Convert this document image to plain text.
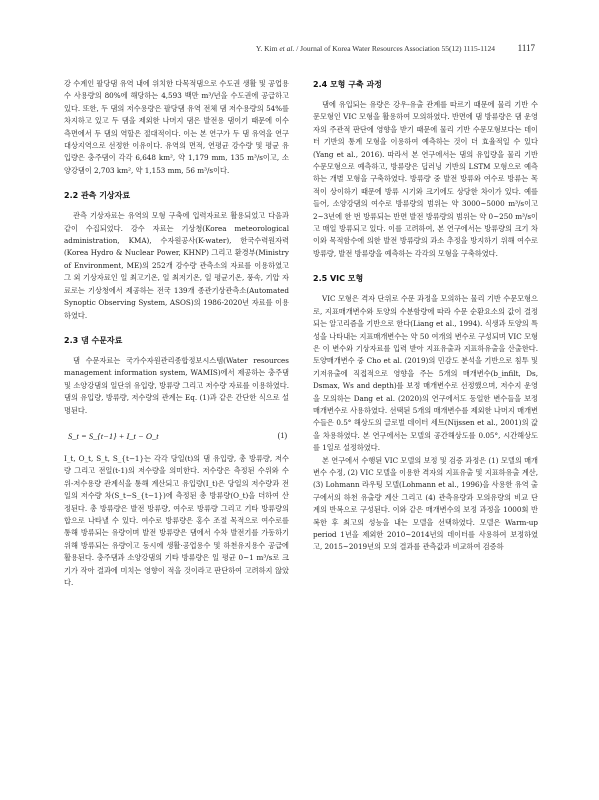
Y. Kim et al. / Journal of Korea Water Resources Association 55(12) 1115-1124	1117

강 수계인 팔당댐 유역 내에 위치한 다목적댐으로 수도권 생활 및 공업용수 사용량의 80%에 해당하는 4,593 백만 m³/년을 수도권에 공급하고 있다. 또한, 두 댐의 저수용량은 팔당댐 유역 전체 댐 저수용량의 54%를 차지하고 있고 두 댐을 제외한 나머지 댐은 발전용 댐이기 때문에 이수 측면에서 두 댐의 역할은 절대적이다. 이는 본 연구가 두 댐 유역을 연구대상지역으로 선정한 이유이다. 유역의 면적, 연평균 강수량 및 평균 유입량은 충주댐이 각각 6,648 km², 약 1,179 mm, 135 m³/s이고, 소양강댐이 2,703 km², 약 1,153 mm, 56 m³/s이다.

2.2 관측 기상자료

관측 기상자료는 유역의 모형 구축에 입력자료로 활용되었고 다음과 같이 수집되었다. 강수 자료는 기상청(Korea meteorological administration, KMA), 수자원공사(K-water), 한국수력원자력(Korea Hydro & Nuclear Power, KHNP) 그리고 환경부(Ministry of Environment, ME)의 252개 강수량 관측소의 자료를 이용하였고 그 외 기상자료인 일 최고기온, 일 최저기온, 일 평균기온, 풍속, 기압 자료로는 기상청에서 제공하는 전국 139개 종관기상관측소(Automated Synoptic Observing System, ASOS)의 1986-2020년 자료를 이용하였다.

2.3 댐 수문자료

댐 수문자료는 국가수자원관리종합정보시스템(Water resources management information system, WAMIS)에서 제공하는 충주댐 및 소양강댐의 일단위 유입량, 방류량 그리고 저수량 자료를 이용하였다. 댐의 유입량, 방류량, 저수량의 관계는 Eq. (1)과 같은 간단한 식으로 설명된다.

S_t = S_{t−1} + I_t − O_t	(1)

I_t, O_t, S_t, S_{t−1}는 각각 당일(t)의 댐 유입량, 총 방류량, 저수량 그리고 전일(t-1)의 저수량을 의미한다. 저수량은 측정된 수위와 수위-저수용량 관계식을 통해 계산되고 유입량(I_t)은 당일의 저수량과 전일의 저수량 차(S_t−S_{t−1})에 측정된 총 방류량(O_t)을 더하여 산정된다. 총 방류량은 발전 방류량, 여수로 방류량 그리고 기타 방류량의 합으로 나타낼 수 있다. 여수로 방류량은 홍수 조절 목적으로 여수로를 통해 방류되는 유량이며 발전 방류량은 댐에서 수차 발전기를 가동하기 위해 방류되는 유량이고 동시에 생활·공업용수 및 하천유지용수 공급에 활용된다. 충주댐과 소양강댐의 기타 방류량은 일 평균 0~1 m³/s로 크기가 작아 결과에 미치는 영향이 적을 것이라고 판단하여 고려하지 않았다.

2.4 모형 구축 과정

댐에 유입되는 유량은 강우-유출 관계를 따르기 때문에 물리 기반 수문모형인 VIC 모형을 활용하여 모의하였다. 반면에 댐 방류량은 댐 운영자의 주관적 판단에 영향을 받기 때문에 물리 기반 수문모형보다는 데이터 기반의 통계 모형을 이용하여 예측하는 것이 더 효율적일 수 있다(Yang et al., 2016). 따라서 본 연구에서는 댐의 유입량을 물리 기반 수문모형으로 예측하고, 방류량은 딥러닝 기반의 LSTM 모형으로 예측하는 개별 모형을 구축하였다. 방류량 중 발전 방류와 여수로 방류는 목적이 상이하기 때문에 방류 시기와 크기에도 상당한 차이가 있다. 예를 들어, 소양강댐의 여수로 방류량의 범위는 약 3000~5000 m³/s이고 2~3년에 한 번 방류되는 반면 발전 방류량의 범위는 약 0~250 m³/s이고 매일 방류되고 있다. 이를 고려하여, 본 연구에서는 방류량의 크기 차이와 목적함수에 의한 발전 방류량의 과소 추정을 방지하기 위해 여수로 방류량, 발전 방류량을 예측하는 각각의 모형을 구축하였다.

2.5 VIC 모형

VIC 모형은 격자 단위로 수문 과정을 모의하는 물리 기반 수문모형으로, 지표매개변수와 토양의 수분함량에 따라 수문 순환요소의 값이 결정되는 알고리즘을 기반으로 한다(Liang et al., 1994). 식생과 토양의 특성을 나타내는 지표매개변수는 약 50 여개의 변수로 구성되며 VIC 모형은 이 변수와 기상자료를 입력 받아 지표유출과 지표하유출을 산출한다. 토양매개변수 중 Cho et al. (2019)의 민감도 분석을 기반으로 침투 및 기저유출에 직접적으로 영향을 주는 5개의 매개변수(b_infilt, Ds, Dsmax, Ws and depth)를 보정 매개변수로 선정했으며, 저수지 운영을 모의하는 Dang et al. (2020)의 연구에서도 동일한 변수들을 보정 매개변수로 사용하였다. 선택된 5개의 매개변수를 제외한 나머지 매개변수들은 0.5° 해상도의 글로벌 데이터 세트(Nijssen et al., 2001)의 값을 차용하였다. 본 연구에서는 모델의 공간해상도를 0.05°, 시간해상도를 1일로 설정하였다.

본 연구에서 수행된 VIC 모델의 보정 및 검증 과정은 (1) 모델의 매개변수 수정, (2) VIC 모델을 이용한 격자의 지표유출 및 지표하유출 계산, (3) Lohmann 라우팅 모델(Lohmann et al., 1996)을 사용한 유역 출구에서의 하천 유출량 계산 그리고 (4) 관측유량과 모의유량의 비교 단계의 반복으로 구성된다. 이와 같은 매개변수의 보정 과정을 1000회 반복한 후 최고의 성능을 내는 모델을 선택하였다. 모델은 Warm-up period 1년을 제외한 2010~2014년의 데이터를 사용하여 보정하였고, 2015~2019년의 모의 결과를 관측값과 비교하여 검증하
